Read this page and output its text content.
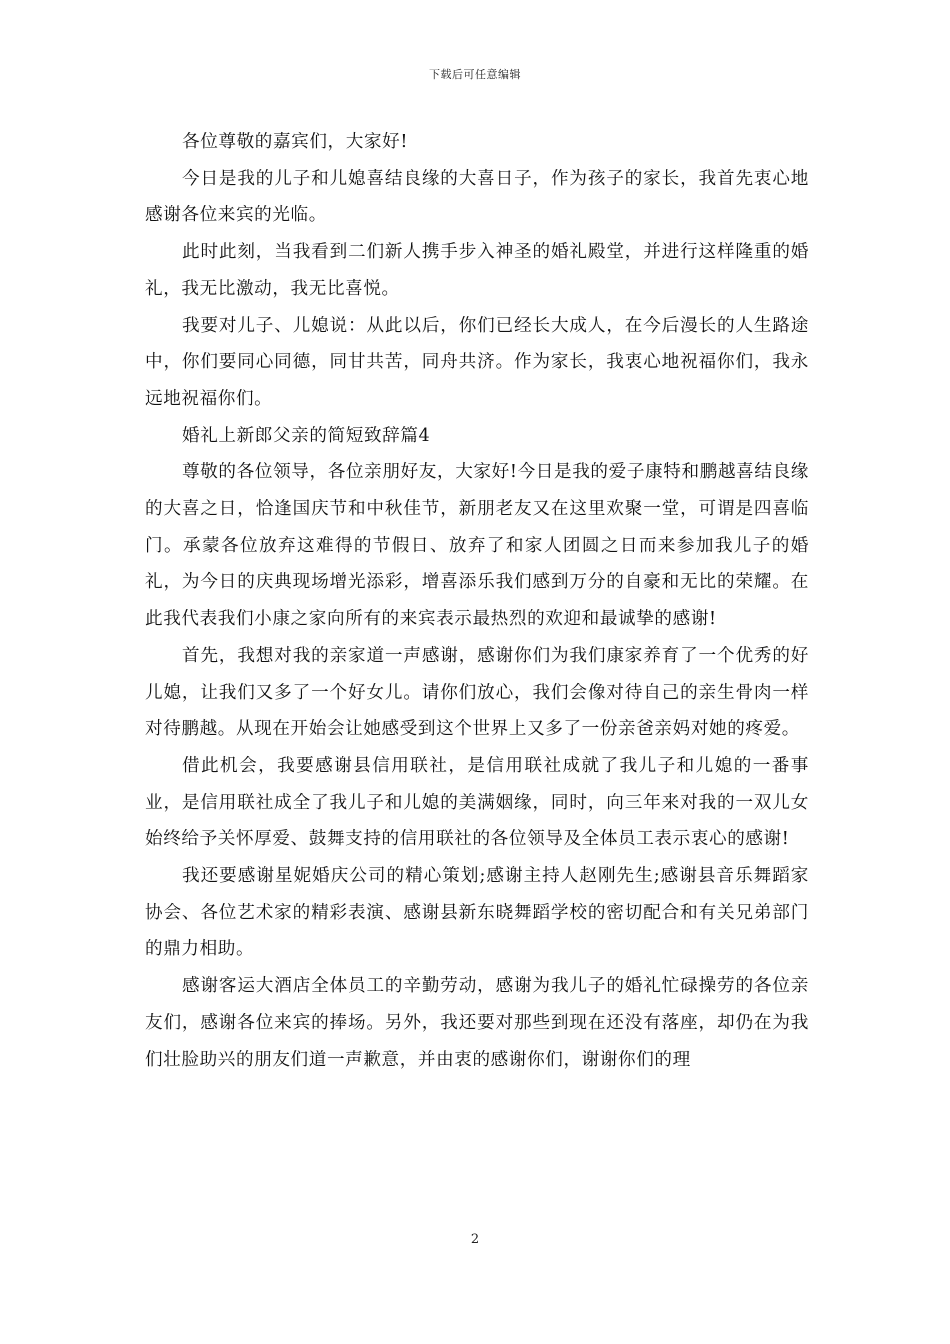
下载后可任意编辑

各位尊敬的嘉宾们，大家好!

今日是我的儿子和儿媳喜结良缘的大喜日子，作为孩子的家长，我首先衷心地感谢各位来宾的光临。

此时此刻，当我看到二们新人携手步入神圣的婚礼殿堂，并进行这样隆重的婚礼，我无比激动，我无比喜悦。

我要对儿子、儿媳说：从此以后，你们已经长大成人，在今后漫长的人生路途中，你们要同心同德，同甘共苦，同舟共济。作为家长，我衷心地祝福你们，我永远地祝福你们。

婚礼上新郎父亲的简短致辞篇4

尊敬的各位领导，各位亲朋好友，大家好!今日是我的爱子康特和鹏越喜结良缘的大喜之日，恰逢国庆节和中秋佳节，新朋老友又在这里欢聚一堂，可谓是四喜临门。承蒙各位放弃这难得的节假日、放弃了和家人团圆之日而来参加我儿子的婚礼，为今日的庆典现场增光添彩，增喜添乐我们感到万分的自豪和无比的荣耀。在此我代表我们小康之家向所有的来宾表示最热烈的欢迎和最诚挚的感谢!

首先，我想对我的亲家道一声感谢，感谢你们为我们康家养育了一个优秀的好儿媳，让我们又多了一个好女儿。请你们放心，我们会像对待自己的亲生骨肉一样对待鹏越。从现在开始会让她感受到这个世界上又多了一份亲爸亲妈对她的疼爱。

借此机会，我要感谢县信用联社，是信用联社成就了我儿子和儿媳的一番事业，是信用联社成全了我儿子和儿媳的美满姻缘，同时，向三年来对我的一双儿女始终给予关怀厚爱、鼓舞支持的信用联社的各位领导及全体员工表示衷心的感谢!

我还要感谢星妮婚庆公司的精心策划;感谢主持人赵刚先生;感谢县音乐舞蹈家协会、各位艺术家的精彩表演、感谢县新东晓舞蹈学校的密切配合和有关兄弟部门的鼎力相助。

感谢客运大酒店全体员工的辛勤劳动，感谢为我儿子的婚礼忙碌操劳的各位亲友们，感谢各位来宾的捧场。另外，我还要对那些到现在还没有落座，却仍在为我们壮脸助兴的朋友们道一声歉意，并由衷的感谢你们，谢谢你们的理

2
